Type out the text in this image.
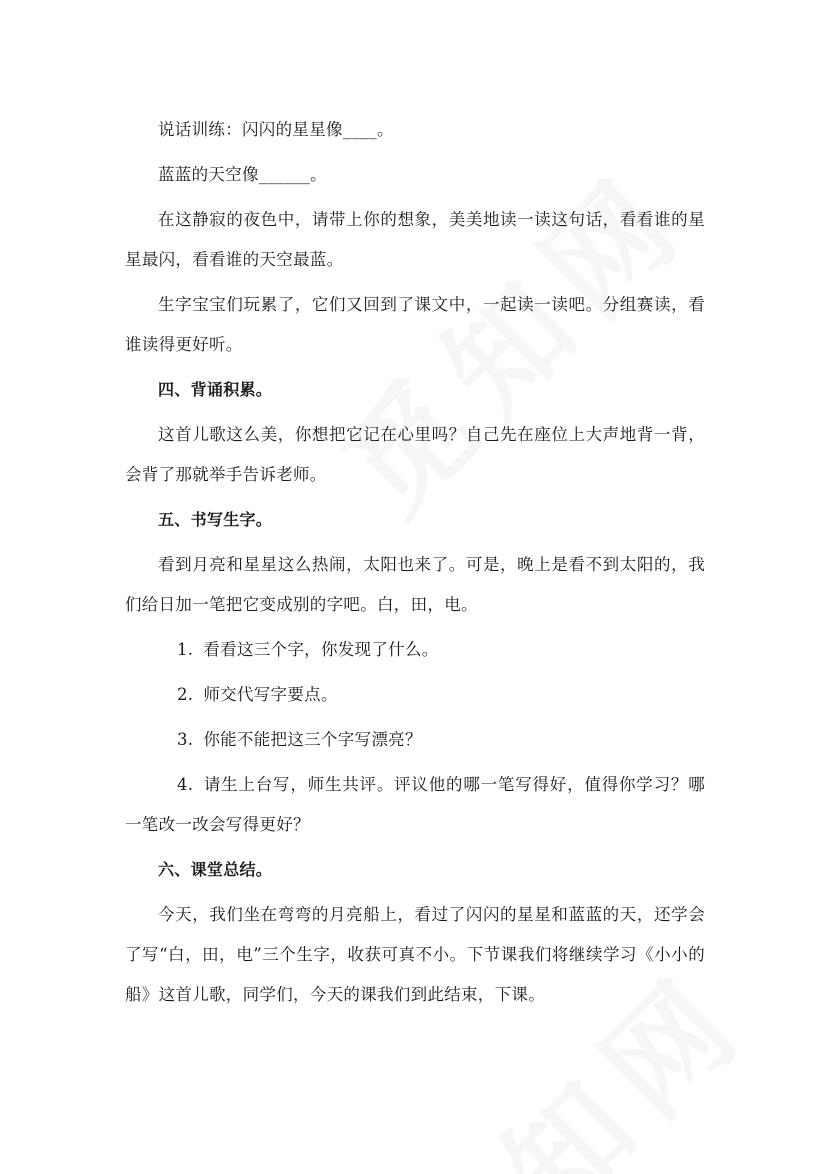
说话训练：闪闪的星星像____。

蓝蓝的天空像______。

在这静寂的夜色中，请带上你的想象，美美地读一读这句话，看看谁的星星最闪，看看谁的天空最蓝。

生字宝宝们玩累了，它们又回到了课文中，一起读一读吧。分组赛读，看谁读得更好听。

四、背诵积累。

这首儿歌这么美，你想把它记在心里吗？自己先在座位上大声地背一背，会背了那就举手告诉老师。

五、书写生字。

看到月亮和星星这么热闹，太阳也来了。可是，晚上是看不到太阳的，我们给日加一笔把它变成别的字吧。白，田，电。

1. 看看这三个字，你发现了什么。

2. 师交代写字要点。

3. 你能不能把这三个字写漂亮？

4. 请生上台写，师生共评。评议他的哪一笔写得好，值得你学习？哪一笔改一改会写得更好？

六、课堂总结。

今天，我们坐在弯弯的月亮船上，看过了闪闪的星星和蓝蓝的天，还学会了写“白，田，电”三个生字，收获可真不小。下节课我们将继续学习《小小的船》这首儿歌，同学们，今天的课我们到此结束，下课。
